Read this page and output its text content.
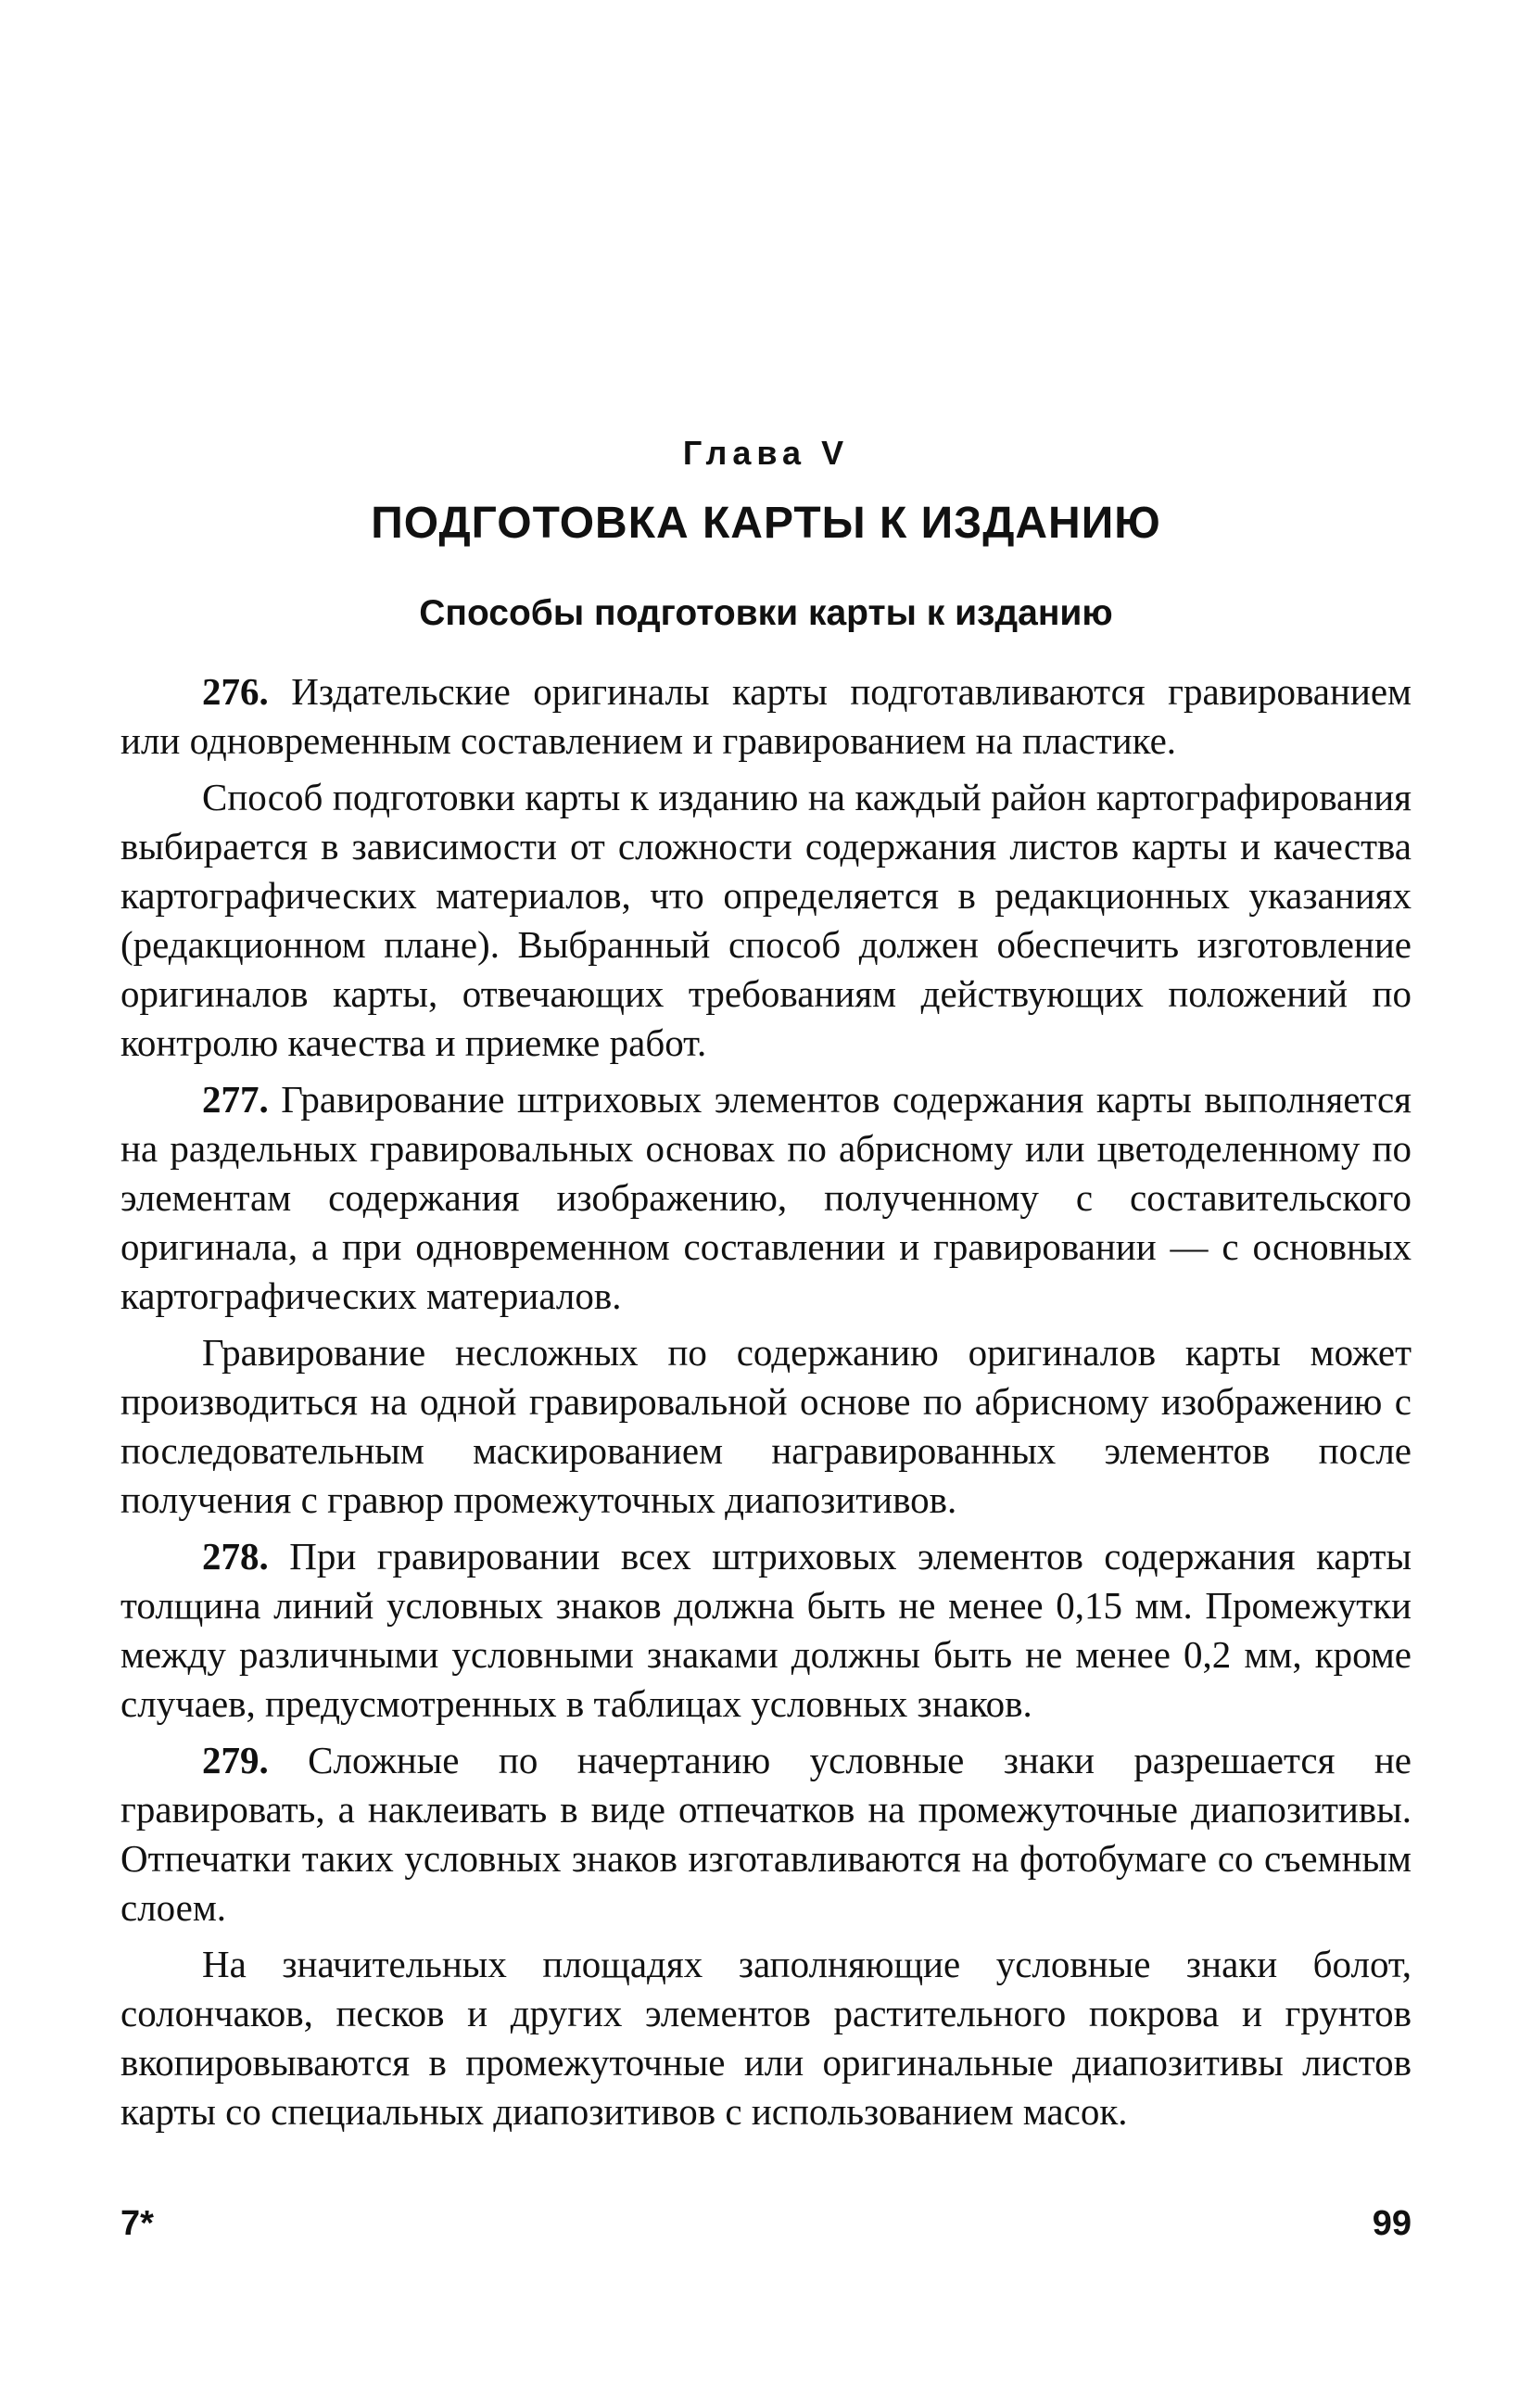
Глава V
ПОДГОТОВКА КАРТЫ К ИЗДАНИЮ
Способы подготовки карты к изданию

276. Издательские оригиналы карты подготавливаются гравированием или одновременным составлением и гравированием на пластике.

Способ подготовки карты к изданию на каждый район картографирования выбирается в зависимости от сложности содержания листов карты и качества картографических материалов, что определяется в редакционных указаниях (редакционном плане). Выбранный способ должен обеспечить изготовление оригиналов карты, отвечающих требованиям действующих положений по контролю качества и приемке работ.

277. Гравирование штриховых элементов содержания карты выполняется на раздельных гравировальных основах по абрисному или цветоделенному по элементам содержания изображению, полученному с составительского оригинала, а при одновременном составлении и гравировании — с основных картографических материалов.

Гравирование несложных по содержанию оригиналов карты может производиться на одной гравировальной основе по абрисному изображению с последовательным маскированием награвированных элементов после получения с гравюр промежуточных диапозитивов.

278. При гравировании всех штриховых элементов содержания карты толщина линий условных знаков должна быть не менее 0,15 мм. Промежутки между различными условными знаками должны быть не менее 0,2 мм, кроме случаев, предусмотренных в таблицах условных знаков.

279. Сложные по начертанию условные знаки разрешается не гравировать, а наклеивать в виде отпечатков на промежуточные диапозитивы. Отпечатки таких условных знаков изготавливаются на фотобумаге со съемным слоем.

На значительных площадях заполняющие условные знаки болот, солончаков, песков и других элементов растительного покрова и грунтов вкопировываются в промежуточные или оригинальные диапозитивы листов карты со специальных диапозитивов с использованием масок.

7*	99
